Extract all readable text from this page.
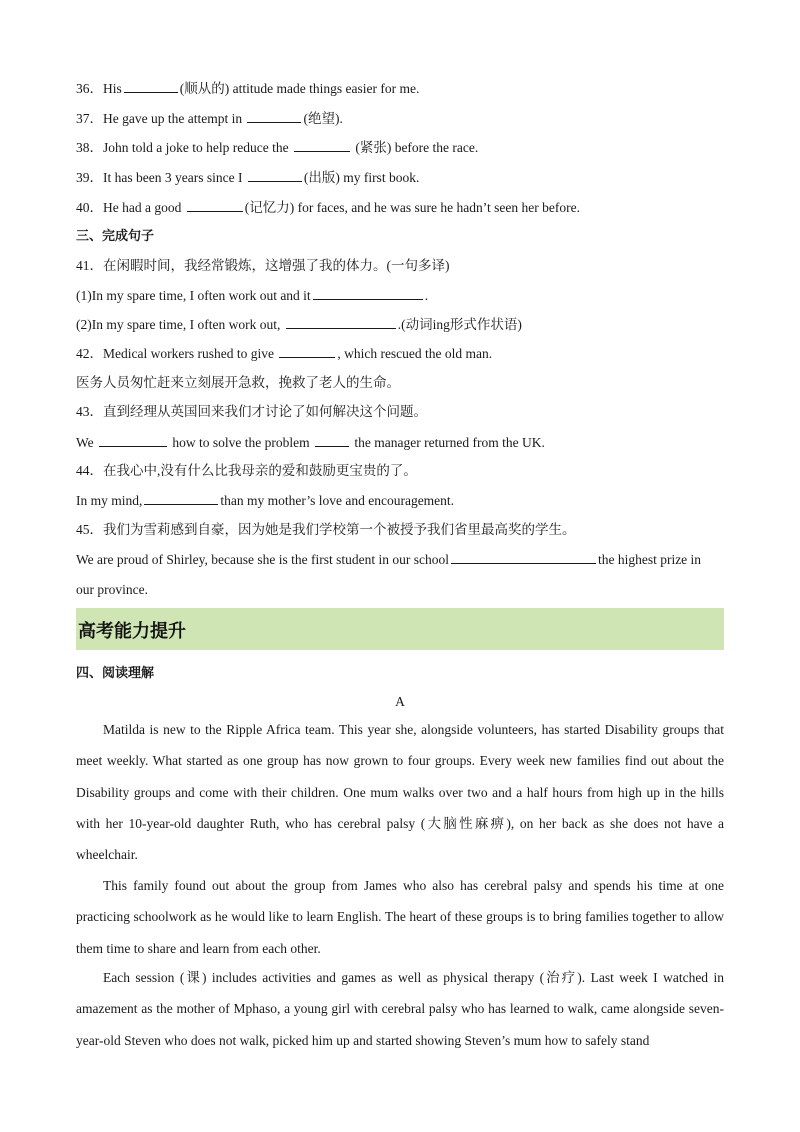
36．His	(顺从的) attitude made things easier for me.
37．He gave up the attempt in	(绝望).
38．John told a joke to help reduce the	(紧张) before the race.
39．It has been 3 years since I	(出版) my first book.
40．He had a good	(记忆力) for faces, and he was sure he hadn’t seen her before.
三、完成句子
41．在闲暇时间，我经常锻炼，这增强了我的体力。(一句多译)
(1)In my spare time, I often work out and it	.
(2)In my spare time, I often work out,	.(动词ing形式作状语)
42．Medical workers rushed to give	, which rescued the old man.
医务人员匆忙赶来立刻展开急救，挽救了老人的生命。
43．直到经理从英国回来我们才讨论了如何解决这个问题。
We	how to solve the problem	the manager returned from the UK.
44．在我心中,没有什么比我母亲的爱和鼓励更宝贵的了。
In my mind,	than my mother’s love and encouragement.
45．我们为雪莉感到自豪，因为她是我们学校第一个被授予我们省里最高奖的学生。
We are proud of Shirley, because she is the first student in our school	the highest prize in
our province.
高考能力提升
四、阅读理解
A
Matilda is new to the Ripple Africa team. This year she, alongside volunteers, has started Disability groups that meet weekly. What started as one group has now grown to four groups. Every week new families find out about the Disability groups and come with their children. One mum walks over two and a half hours from high up in the hills with her 10-year-old daughter Ruth, who has cerebral palsy (大脑性麻痹), on her back as she does not have a wheelchair.
This family found out about the group from James who also has cerebral palsy and spends his time at one practicing schoolwork as he would like to learn English. The heart of these groups is to bring families together to allow them time to share and learn from each other.
Each session (课) includes activities and games as well as physical therapy (治疗). Last week I watched in amazement as the mother of Mphaso, a young girl with cerebral palsy who has learned to walk, came alongside seven-year-old Steven who does not walk, picked him up and started showing Steven’s mum how to safely stand
